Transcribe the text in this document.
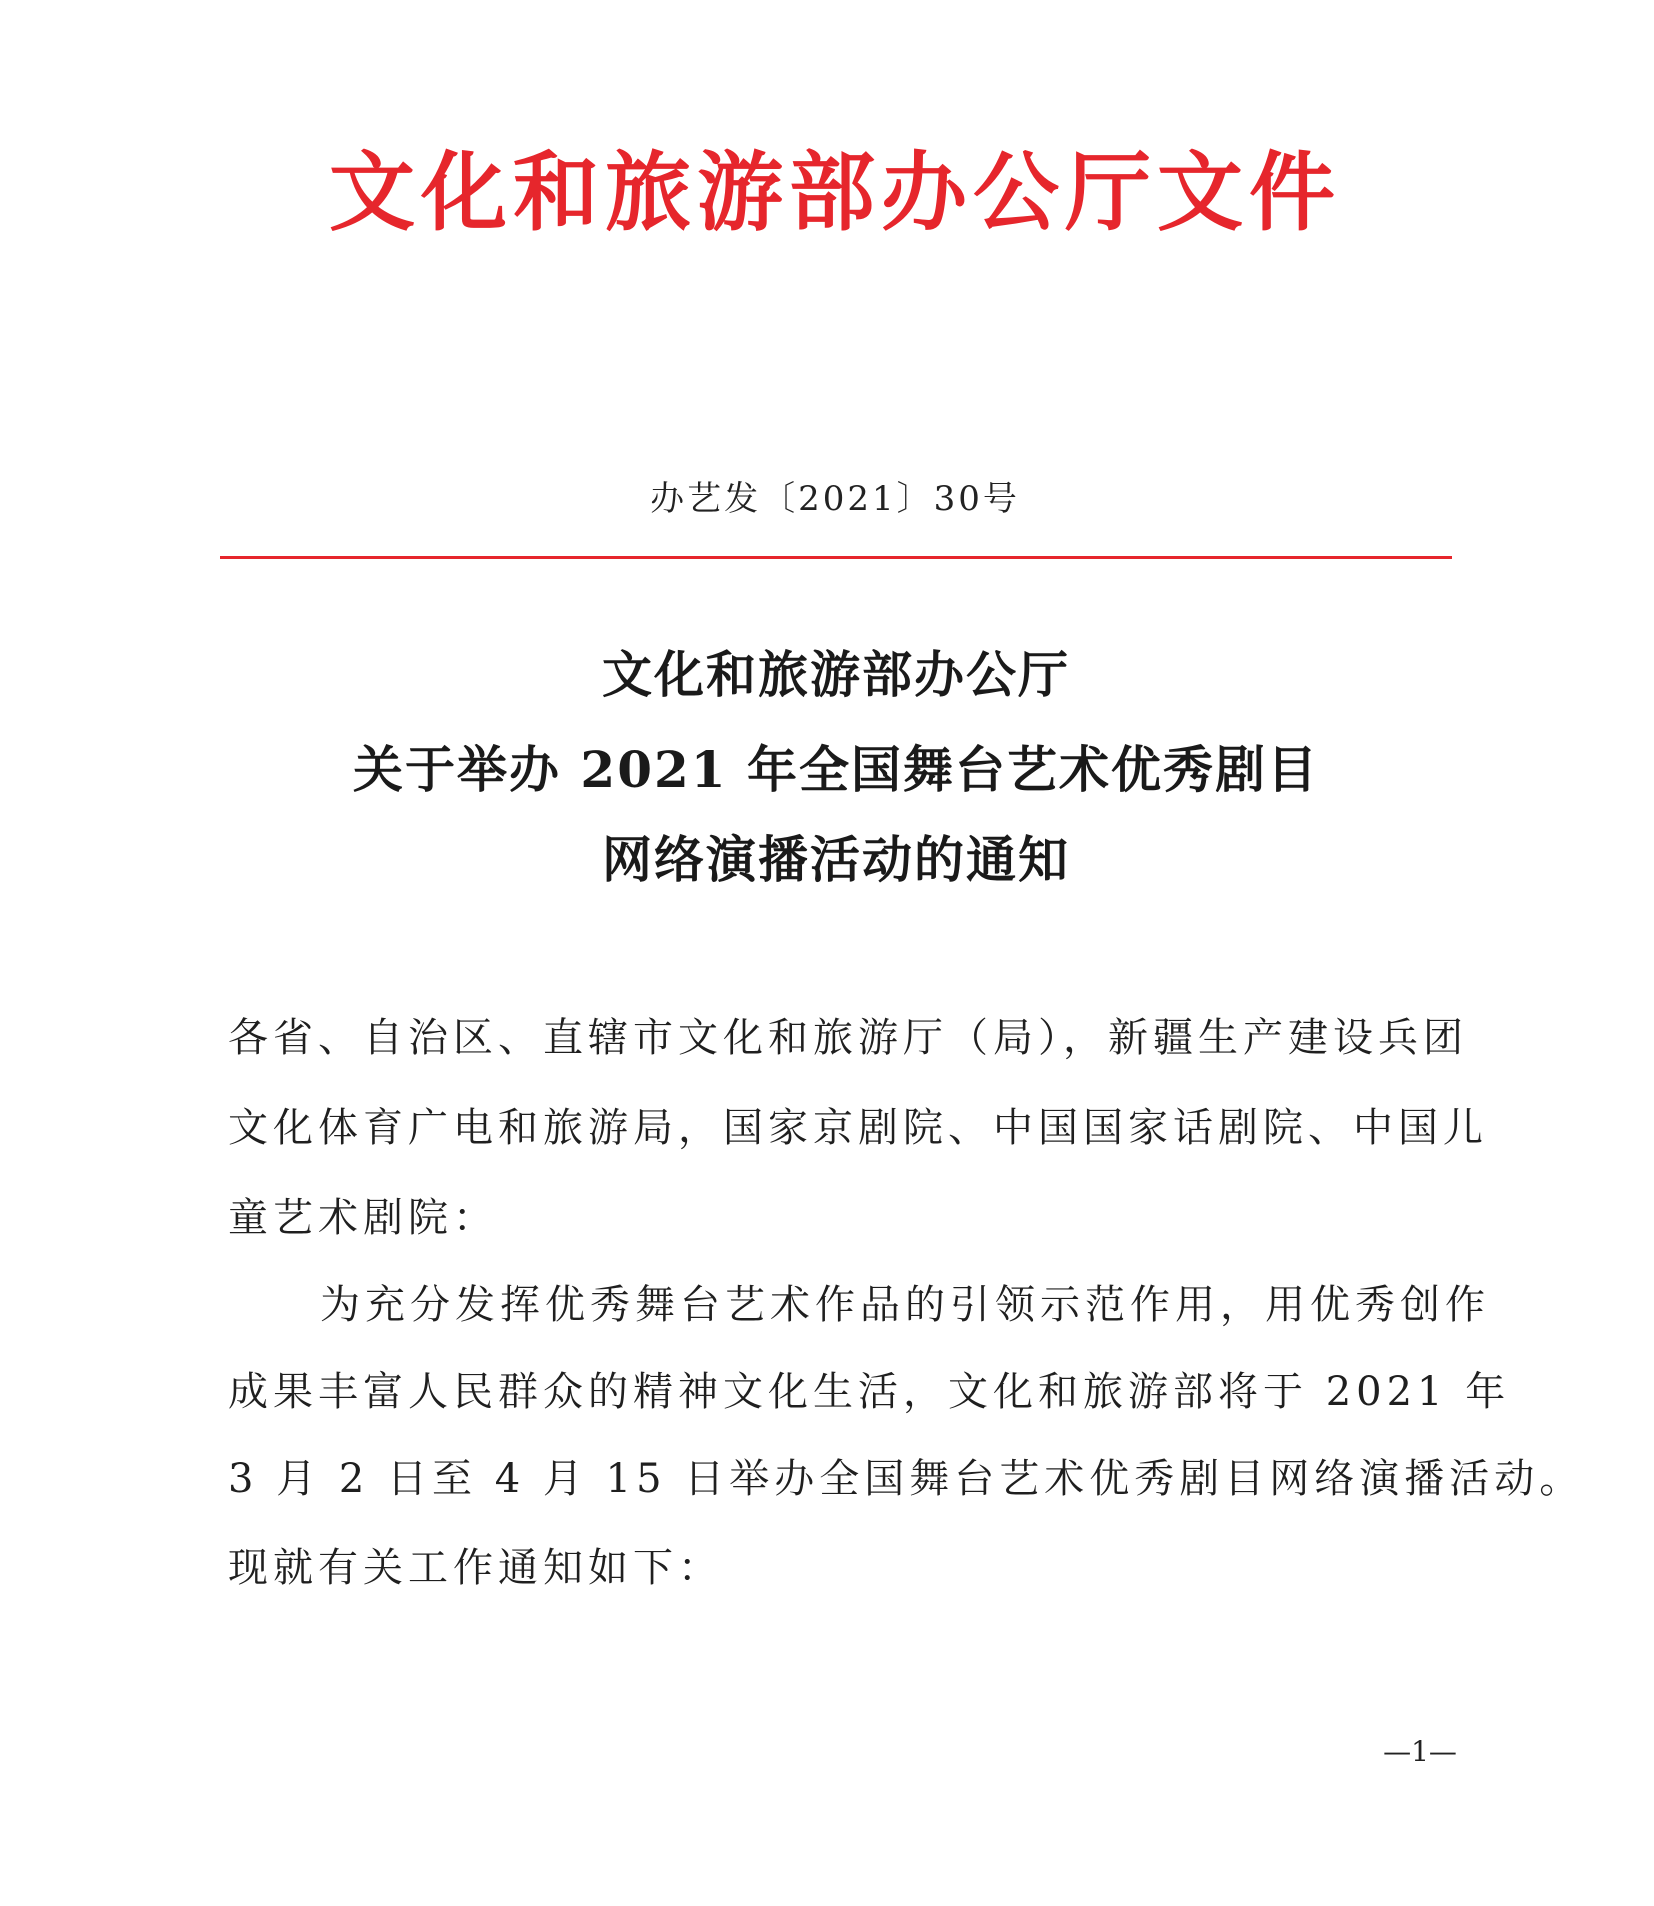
文化和旅游部办公厅文件
办艺发〔2021〕30号
文化和旅游部办公厅
关于举办 2021 年全国舞台艺术优秀剧目
网络演播活动的通知
各省、自治区、直辖市文化和旅游厅（局），新疆生产建设兵团
文化体育广电和旅游局，国家京剧院、中国国家话剧院、中国儿
童艺术剧院：
为充分发挥优秀舞台艺术作品的引领示范作用，用优秀创作
成果丰富人民群众的精神文化生活，文化和旅游部将于 2021 年
3 月 2 日至 4 月 15 日举办全国舞台艺术优秀剧目网络演播活动。
现就有关工作通知如下：
—1—
